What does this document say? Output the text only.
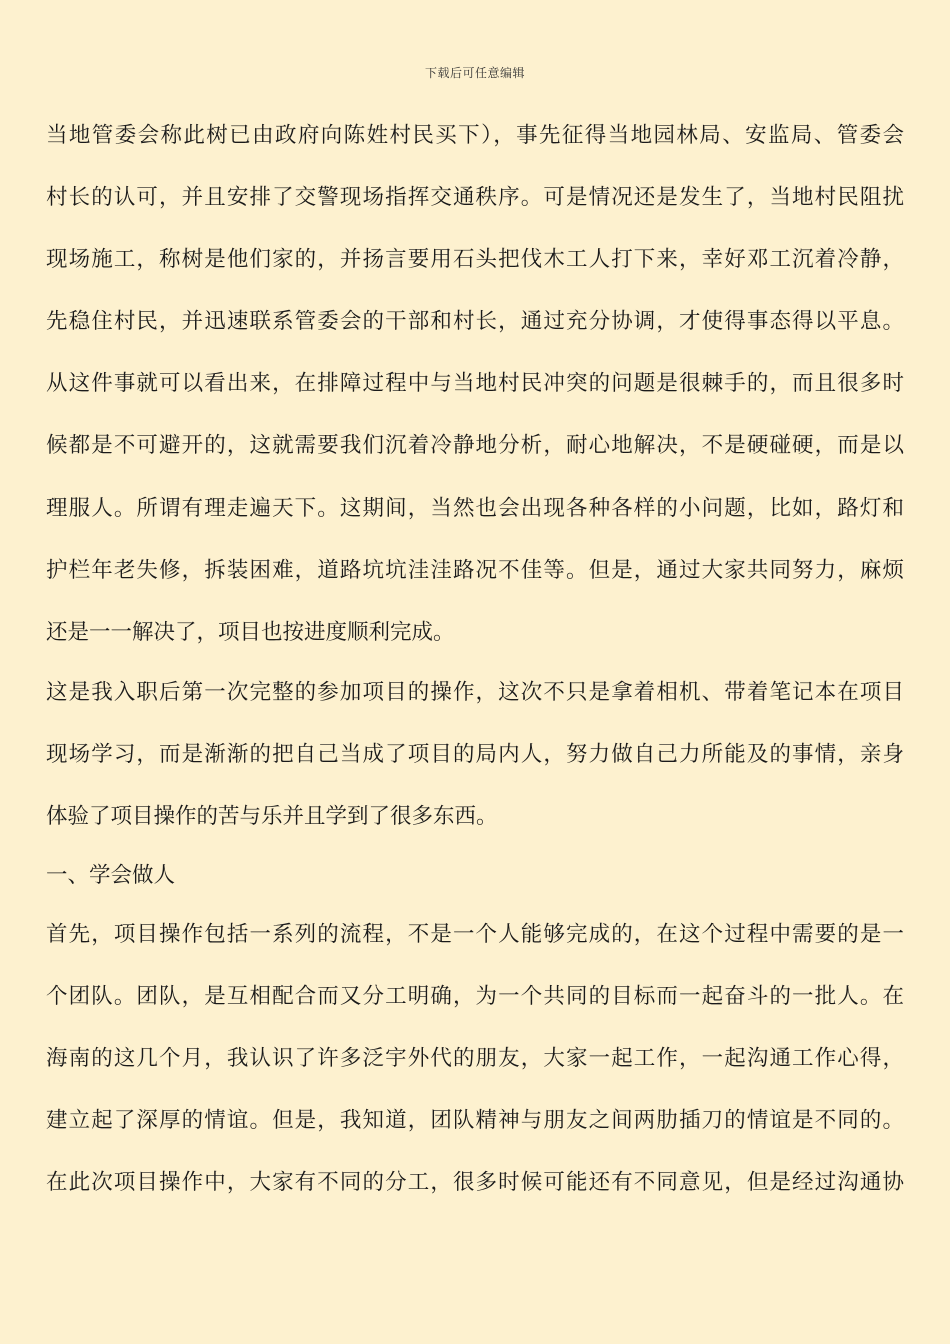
下载后可任意编辑
当地管委会称此树已由政府向陈姓村民买下），事先征得当地园林局、安监局、管委会
村长的认可，并且安排了交警现场指挥交通秩序。可是情况还是发生了，当地村民阻扰
现场施工，称树是他们家的，并扬言要用石头把伐木工人打下来，幸好邓工沉着冷静，
先稳住村民，并迅速联系管委会的干部和村长，通过充分协调，才使得事态得以平息。
从这件事就可以看出来，在排障过程中与当地村民冲突的问题是很棘手的，而且很多时
候都是不可避开的，这就需要我们沉着冷静地分析，耐心地解决，不是硬碰硬，而是以
理服人。所谓有理走遍天下。这期间，当然也会出现各种各样的小问题，比如，路灯和
护栏年老失修，拆装困难，道路坑坑洼洼路况不佳等。但是，通过大家共同努力，麻烦
还是一一解决了，项目也按进度顺利完成。
这是我入职后第一次完整的参加项目的操作，这次不只是拿着相机、带着笔记本在项目
现场学习，而是渐渐的把自己当成了项目的局内人，努力做自己力所能及的事情，亲身
体验了项目操作的苦与乐并且学到了很多东西。
一、学会做人
首先，项目操作包括一系列的流程，不是一个人能够完成的，在这个过程中需要的是一
个团队。团队，是互相配合而又分工明确，为一个共同的目标而一起奋斗的一批人。在
海南的这几个月，我认识了许多泛宇外代的朋友，大家一起工作，一起沟通工作心得，
建立起了深厚的情谊。但是，我知道，团队精神与朋友之间两肋插刀的情谊是不同的。
在此次项目操作中，大家有不同的分工，很多时候可能还有不同意见，但是经过沟通协
